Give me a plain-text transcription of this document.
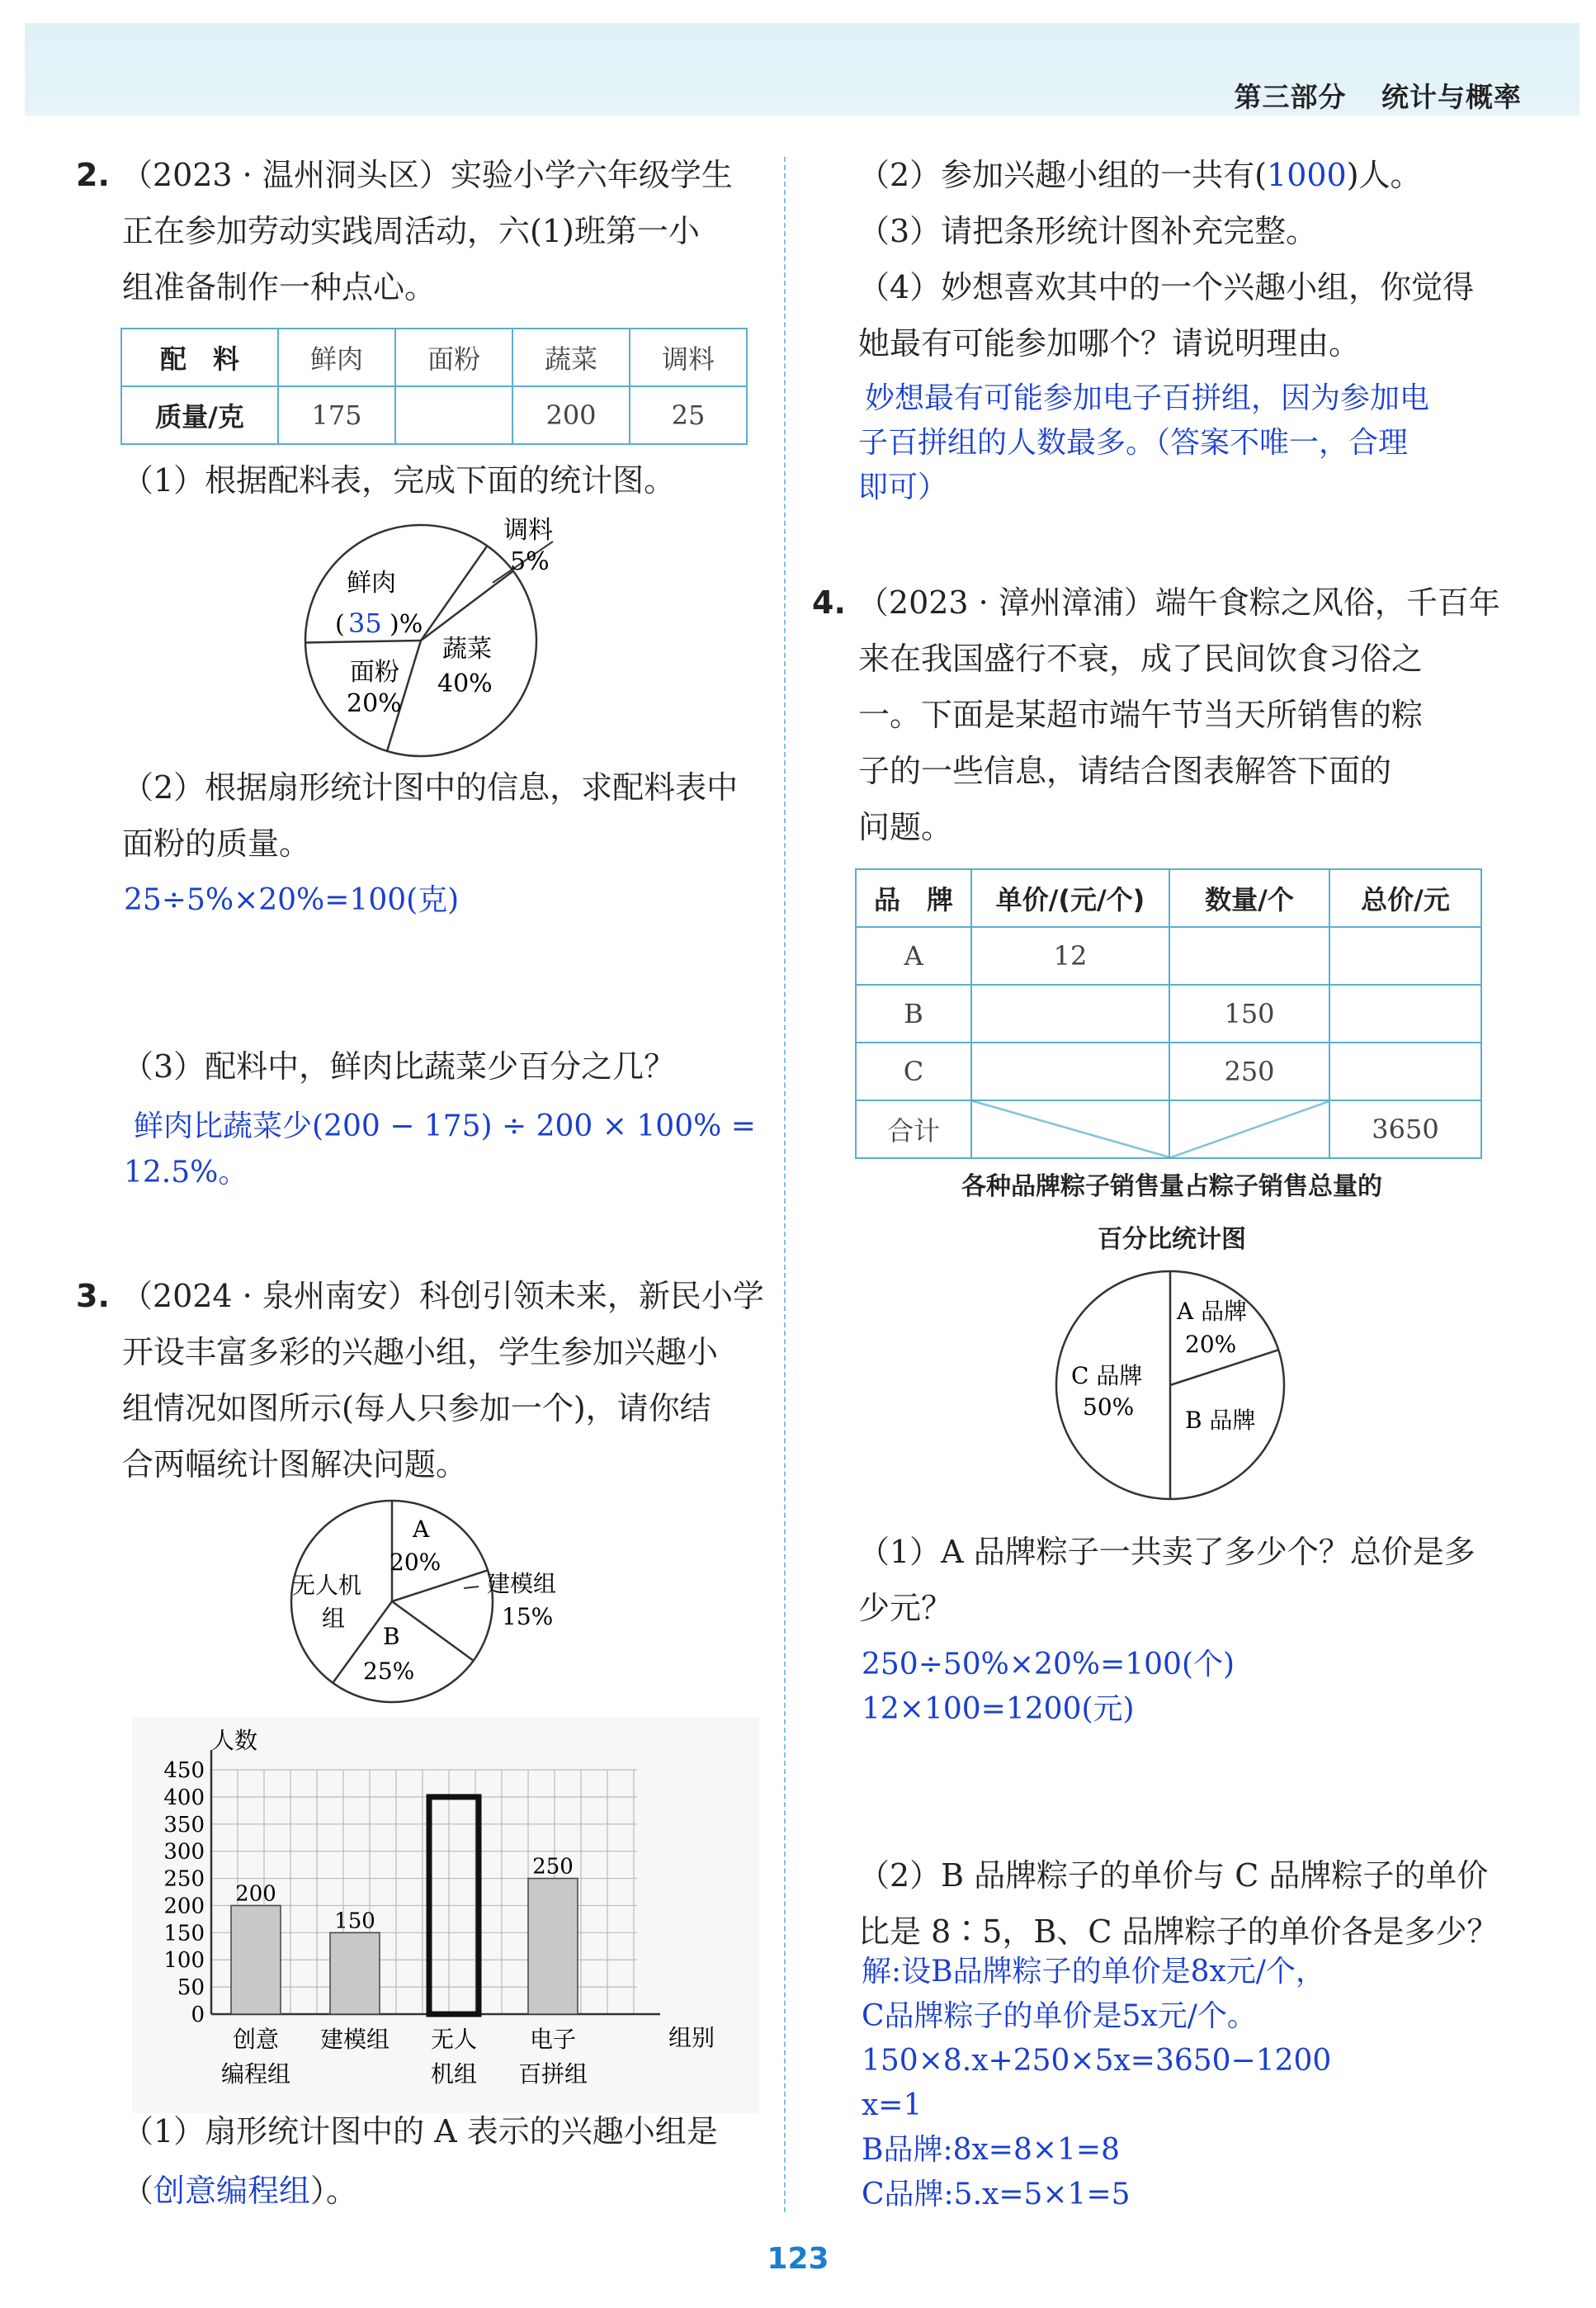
第三部分 统计与概率
2. （2023 · 温州洞头区）实验小学六年级学生
正在参加劳动实践周活动，六(1)班第一小
组准备制作一种点心。
配　料	鲜肉	面粉	蔬菜	调料
质量/克	175		200	25
（1）根据配料表，完成下面的统计图。
鲜肉
( 35 )%
面粉
20%
蔬菜
40%
调料
5%
（2）根据扇形统计图中的信息，求配料表中
面粉的质量。
25÷5%×20%=100(克)
（3）配料中，鲜肉比蔬菜少百分之几？
鲜肉比蔬菜少(200 − 175) ÷ 200 × 100% =
12.5%。
3. （2024 · 泉州南安）科创引领未来，新民小学
开设丰富多彩的兴趣小组，学生参加兴趣小
组情况如图所示(每人只参加一个)，请你结
合两幅统计图解决问题。
A
20%
无人机
组
B
25%
建模组
15%
0
50
100
150
200
250
300
350
400
450
200
150
250
创意
编程组
建模组 无人
机组
电子
百拼组
人数
组别
（1）扇形统计图中的 A 表示的兴趣小组是
（创意编程组）。
（2）参加兴趣小组的一共有(1000)人。
（3）请把条形统计图补充完整。
（4）妙想喜欢其中的一个兴趣小组，你觉得
她最有可能参加哪个？请说明理由。
妙想最有可能参加电子百拼组，因为参加电
子百拼组的人数最多。（答案不唯一，合理
即可）
4. （2023 · 漳州漳浦）端午食粽之风俗，千百年
来在我国盛行不衰，成了民间饮食习俗之
一。下面是某超市端午节当天所销售的粽
子的一些信息，请结合图表解答下面的
问题。
品　牌	单价/(元/个)	数量/个	总价/元
A	12		
B		150	
C		250	
合计			3650
各种品牌粽子销售量占粽子销售总量的
百分比统计图
A 品牌
20%
C 品牌
50% B 品牌
（1）A 品牌粽子一共卖了多少个？总价是多
少元？
250÷50%×20%=100(个)
12×100=1200(元)
（2）B 品牌粽子的单价与 C 品牌粽子的单价
比是 8∶5，B、C 品牌粽子的单价各是多少？
解:设B品牌粽子的单价是8x元/个，
C品牌粽子的单价是5x元/个。
150×8.x+250×5x=3650−1200
x=1
B品牌:8x=8×1=8
C品牌:5.x=5×1=5
123
